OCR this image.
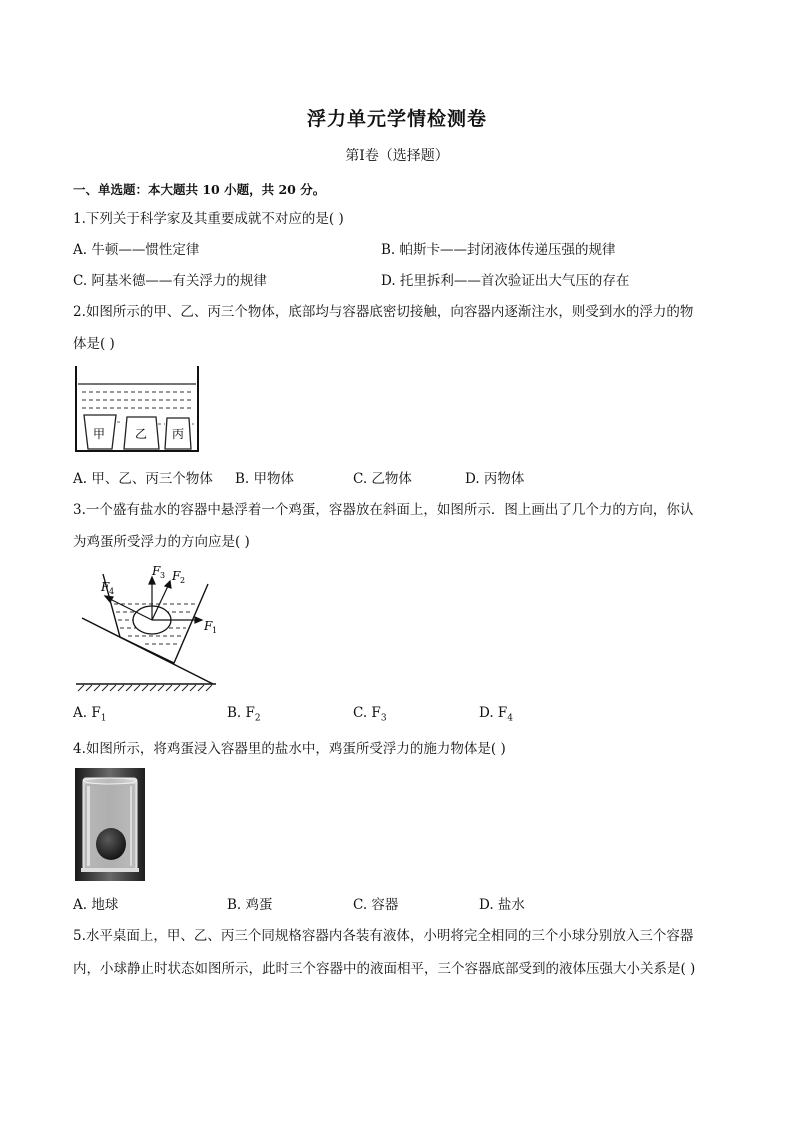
浮力单元学情检测卷
第Ⅰ卷（选择题）
一、单选题：本大题共 10 小题，共 20 分。
1.下列关于科学家及其重要成就不对应的是( )
A. 牛顿——惯性定律	B. 帕斯卡——封闭液体传递压强的规律
C. 阿基米德——有关浮力的规律	D. 托里拆利——首次验证出大气压的存在
2.如图所示的甲、乙、丙三个物体，底部均与容器底密切接触，向容器内逐渐注水，则受到水的浮力的物
体是( )
甲 乙 丙
A. 甲、乙、丙三个物体 B. 甲物体	C. 乙物体	D. 丙物体
3.一个盛有盐水的容器中悬浮着一个鸡蛋，容器放在斜面上，如图所示．图上画出了几个力的方向，你认
为鸡蛋所受浮力的方向应是( )
F 4
F 3 F 2
F 1
A. $F_1$	B. $F_2$	C. $F_3$	D. $F_4$
4.如图所示，将鸡蛋浸入容器里的盐水中，鸡蛋所受浮力的施力物体是( )
A. 地球	B. 鸡蛋	C. 容器	D. 盐水
5.水平桌面上，甲、乙、丙三个同规格容器内各装有液体，小明将完全相同的三个小球分别放入三个容器
内，小球静止时状态如图所示，此时三个容器中的液面相平，三个容器底部受到的液体压强大小关系是( )
